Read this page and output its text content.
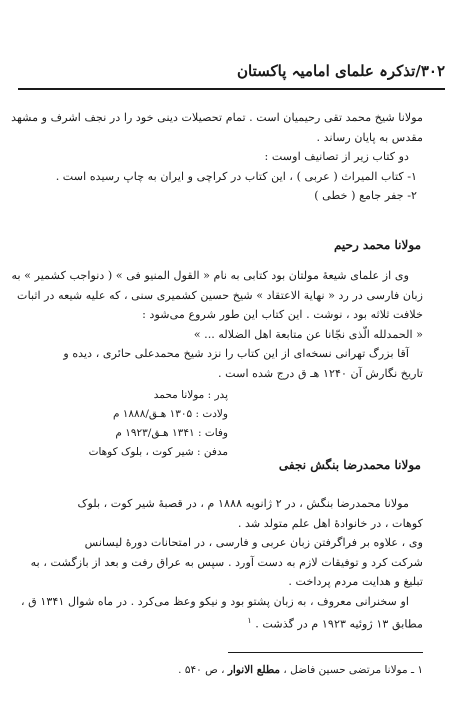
۳۰۲/تذکرہ علمای امامیہ پاکستان

مولانا شیخ محمد تقی رحیمیان است . تمام تحصیلات دینی خود را در نجف اشرف و مشهد

مقدس به پایان رساند .

دو کتاب زیر از تصانیف اوست :

۱- کتاب المیراث ( عربی ) ، این کتاب در کراچی و ایران به چاپ رسیده است .

۲- جفر جامع ( خطی )

مولانا محمد رحیم

وی از علمای شیعهٔ مولتان بود کتابی به نام « القول المنیو فی » ( دنواجب کشمیر » به

زبان فارسی در رد « نهایة الاعتقاد » شیخ حسین کشمیری سنی ، که علیه شیعه در اثبات

خلافت ثلاثه بود ، نوشت . این کتاب این طور شروع می‌شود :

« الحمدلله الّذی نجّانا عن متابعة اهل الضلاله ... »

آقا بزرگ تهرانی نسخه‌ای از این کتاب را نزد شیخ محمدعلی حائری ، دیده و

تاریخ نگارش آن ۱۲۴۰ هـ ق درج شده است .

پدر : مولانا محمد

ولادت : ۱۳۰۵ هـق/۱۸۸۸ م

وفات : ۱۳۴۱ هـق/۱۹۲۳ م

مدفن : شیر کوت ، بلوک کوهات

مولانا محمدرضا بنگش نجفی

مولانا محمدرضا بنگش ، در ۲ ژانویه ۱۸۸۸ م ، در قصبهٔ شیر کوت ، بلوک

کوهات ، در خانوادهٔ اهل علم متولد شد .

وی ، علاوه بر فراگرفتن زبان عربی و فارسی ، در امتحانات دورهٔ لیسانس

شرکت کرد و توفیقات لازم به دست آورد . سپس به عراق رفت و بعد از بازگشت ، به

تبلیغ و هدایت مردم پرداخت .

او سخنرانی معروف ، به زبان پشتو بود و نیکو وعظ می‌کرد . در ماه شوال ۱۳۴۱ ق ،

مطابق ۱۳ ژوئیه ۱۹۲۳ م در گذشت . $^۱$

۱ ـ مولانا مرتضی حسین فاضل ، مطلع الانوار ، ص ۵۴۰ .
